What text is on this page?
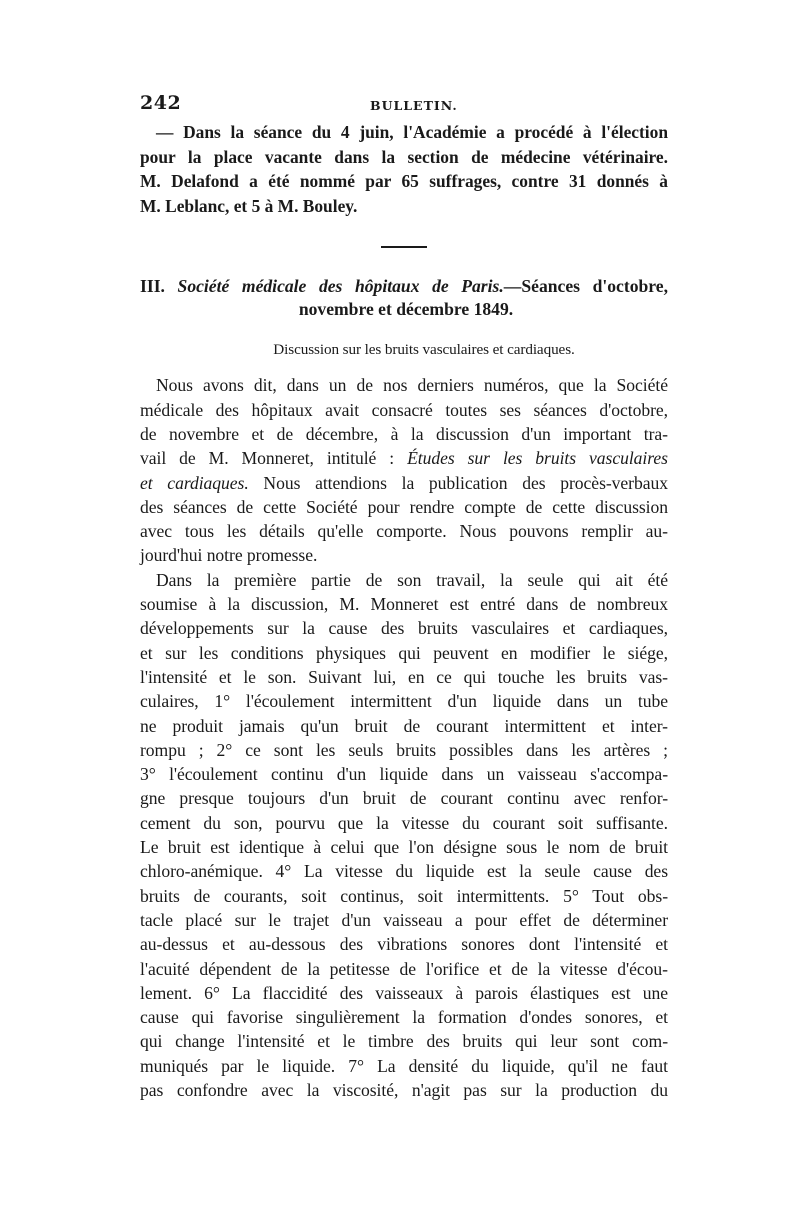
242	BULLETIN.
— Dans la séance du 4 juin, l'Académie a procédé à l'élection
pour la place vacante dans la section de médecine vétérinaire.
M. Delafond a été nommé par 65 suffrages, contre 31 donnés à
M. Leblanc, et 5 à M. Bouley.
III. Société médicale des hôpitaux de Paris.—Séances d'octobre,
novembre et décembre 1849.
Discussion sur les bruits vasculaires et cardiaques.
Nous avons dit, dans un de nos derniers numéros, que la Société
médicale des hôpitaux avait consacré toutes ses séances d'octobre,
de novembre et de décembre, à la discussion d'un important tra-
vail de M. Monneret, intitulé : Études sur les bruits vasculaires
et cardiaques. Nous attendions la publication des procès-verbaux
des séances de cette Société pour rendre compte de cette discussion
avec tous les détails qu'elle comporte. Nous pouvons remplir au-
jourd'hui notre promesse.
Dans la première partie de son travail, la seule qui ait été
soumise à la discussion, M. Monneret est entré dans de nombreux
développements sur la cause des bruits vasculaires et cardiaques,
et sur les conditions physiques qui peuvent en modifier le siége,
l'intensité et le son. Suivant lui, en ce qui touche les bruits vas-
culaires, 1° l'écoulement intermittent d'un liquide dans un tube
ne produit jamais qu'un bruit de courant intermittent et inter-
rompu ; 2° ce sont les seuls bruits possibles dans les artères ;
3° l'écoulement continu d'un liquide dans un vaisseau s'accompa-
gne presque toujours d'un bruit de courant continu avec renfor-
cement du son, pourvu que la vitesse du courant soit suffisante.
Le bruit est identique à celui que l'on désigne sous le nom de bruit
chloro-anémique. 4° La vitesse du liquide est la seule cause des
bruits de courants, soit continus, soit intermittents. 5° Tout obs-
tacle placé sur le trajet d'un vaisseau a pour effet de déterminer
au-dessus et au-dessous des vibrations sonores dont l'intensité et
l'acuité dépendent de la petitesse de l'orifice et de la vitesse d'écou-
lement. 6° La flaccidité des vaisseaux à parois élastiques est une
cause qui favorise singulièrement la formation d'ondes sonores, et
qui change l'intensité et le timbre des bruits qui leur sont com-
muniqués par le liquide. 7° La densité du liquide, qu'il ne faut
pas confondre avec la viscosité, n'agit pas sur la production du
